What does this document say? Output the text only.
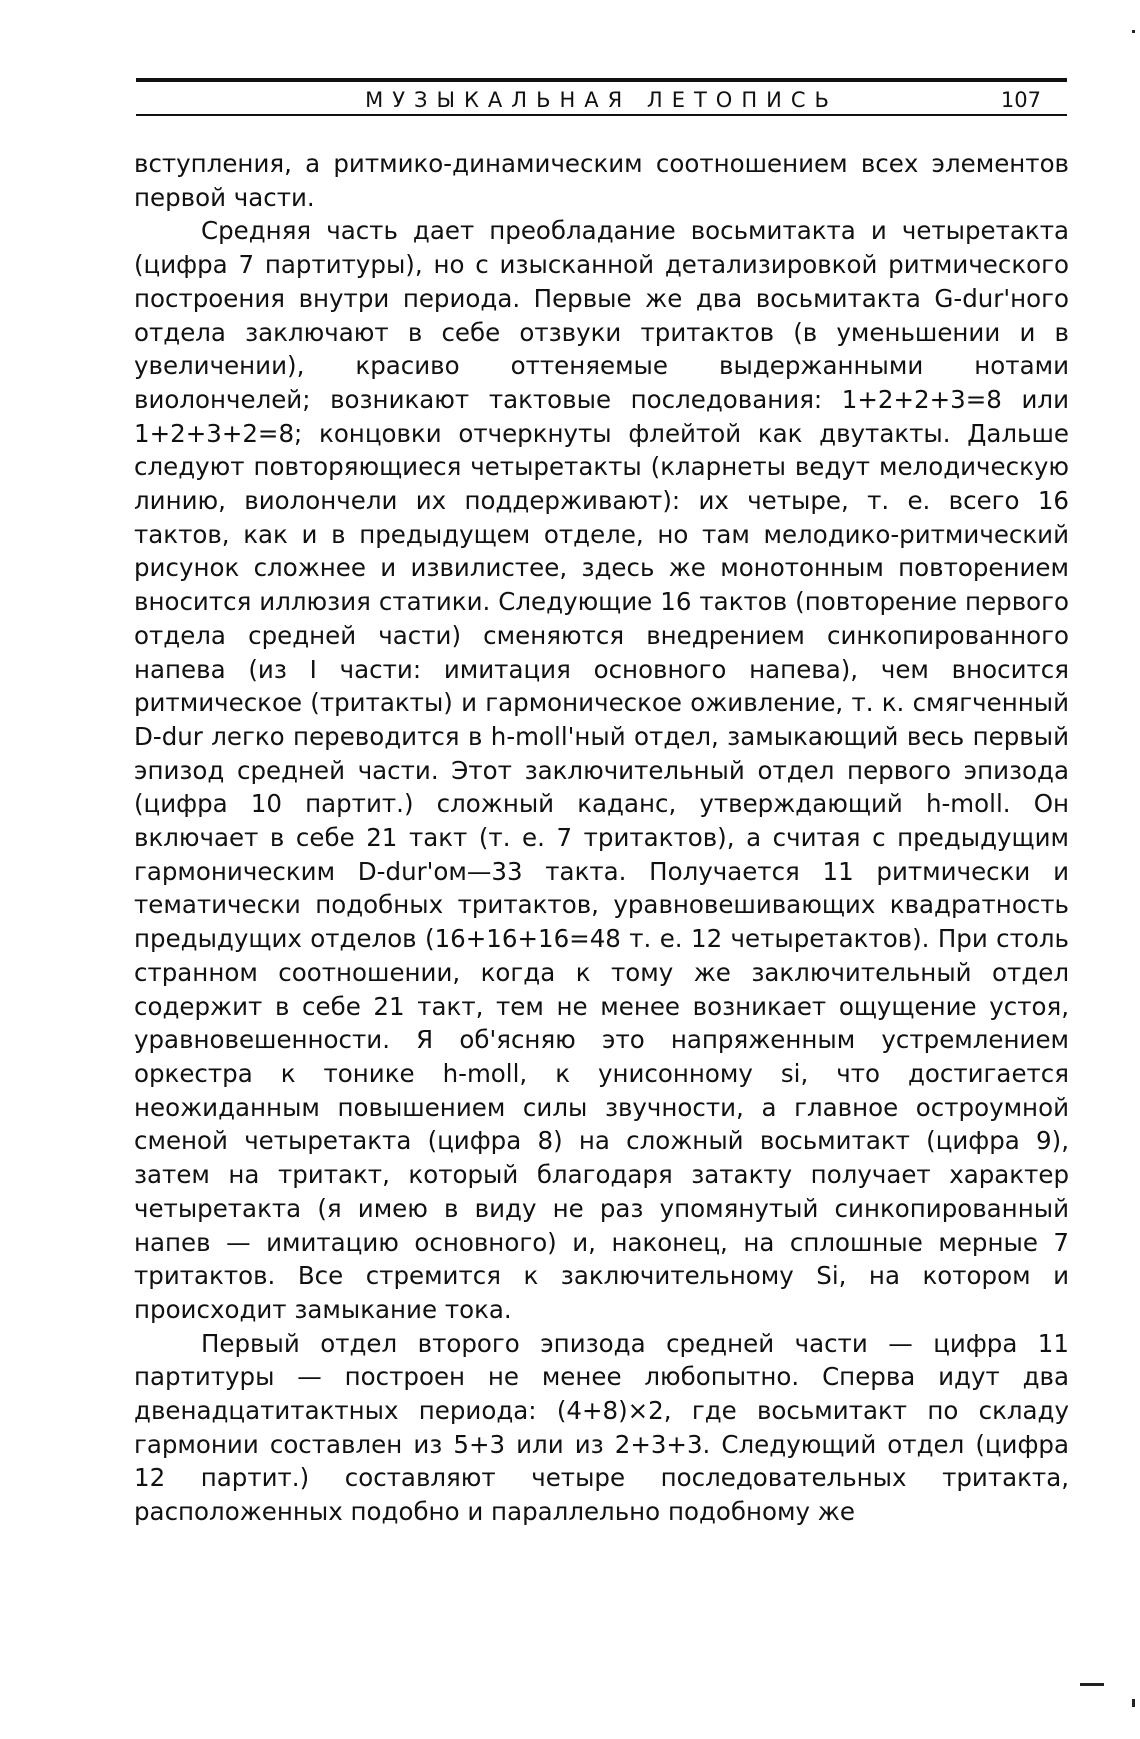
МУЗЫКАЛЬНАЯ ЛЕТОПИСЬ	107

вступления, а ритмико-динамическим соотношением всех элементов первой части.

Средняя часть дает преобладание восьмитакта и четыретакта (цифра 7 партитуры), но с изысканной детализировкой ритмического построения внутри периода. Первые же два восьмитакта G-dur'ного отдела заключают в себе отзвуки тритактов (в уменьшении и в увеличении), красиво оттеняемые выдержанными нотами виолончелей; возникают тактовые последования: 1+2+2+3=8 или 1+2+3+2=8; концовки отчеркнуты флейтой как двутакты. Дальше следуют повторяющиеся четыретакты (кларнеты ведут мелодическую линию, виолончели их поддерживают): их четыре, т. е. всего 16 тактов, как и в предыдущем отделе, но там мелодико-ритмический рисунок сложнее и извилистее, здесь же монотонным повторением вносится иллюзия статики. Следующие 16 тактов (повторение первого отдела средней части) сменяются внедрением синкопированного напева (из I части: имитация основного напева), чем вносится ритмическое (тритакты) и гармоническое оживление, т. к. смягченный D-dur легко переводится в h-moll'ный отдел, замыкающий весь первый эпизод средней части. Этот заключительный отдел первого эпизода (цифра 10 партит.) сложный каданс, утверждающий h-moll. Он включает в себе 21 такт (т. е. 7 тритактов), а считая с предыдущим гармоническим D-dur'ом—33 такта. Получается 11 ритмически и тематически подобных тритактов, уравновешивающих квадратность предыдущих отделов (16+16+16=48 т. е. 12 четыретактов). При столь странном соотношении, когда к тому же заключительный отдел содержит в себе 21 такт, тем не менее возникает ощущение устоя, уравновешенности. Я об'ясняю это напряженным устремлением оркестра к тонике h-moll, к унисонному si, что достигается неожиданным повышением силы звучности, а главное остроумной сменой четыретакта (цифра 8) на сложный восьмитакт (цифра 9), затем на тритакт, который благодаря затакту получает характер четыретакта (я имею в виду не раз упомянутый синкопированный напев — имитацию основного) и, наконец, на сплошные мерные 7 тритактов. Все стремится к заключительному Si, на котором и происходит замыкание тока.

Первый отдел второго эпизода средней части — цифра 11 партитуры — построен не менее любопытно. Сперва идут два двенадцатитактных периода: (4+8)×2, где восьмитакт по складу гармонии составлен из 5+3 или из 2+3+3. Следующий отдел (цифра 12 партит.) составляют четыре последовательных тритакта, расположенных подобно и параллельно подобному же
